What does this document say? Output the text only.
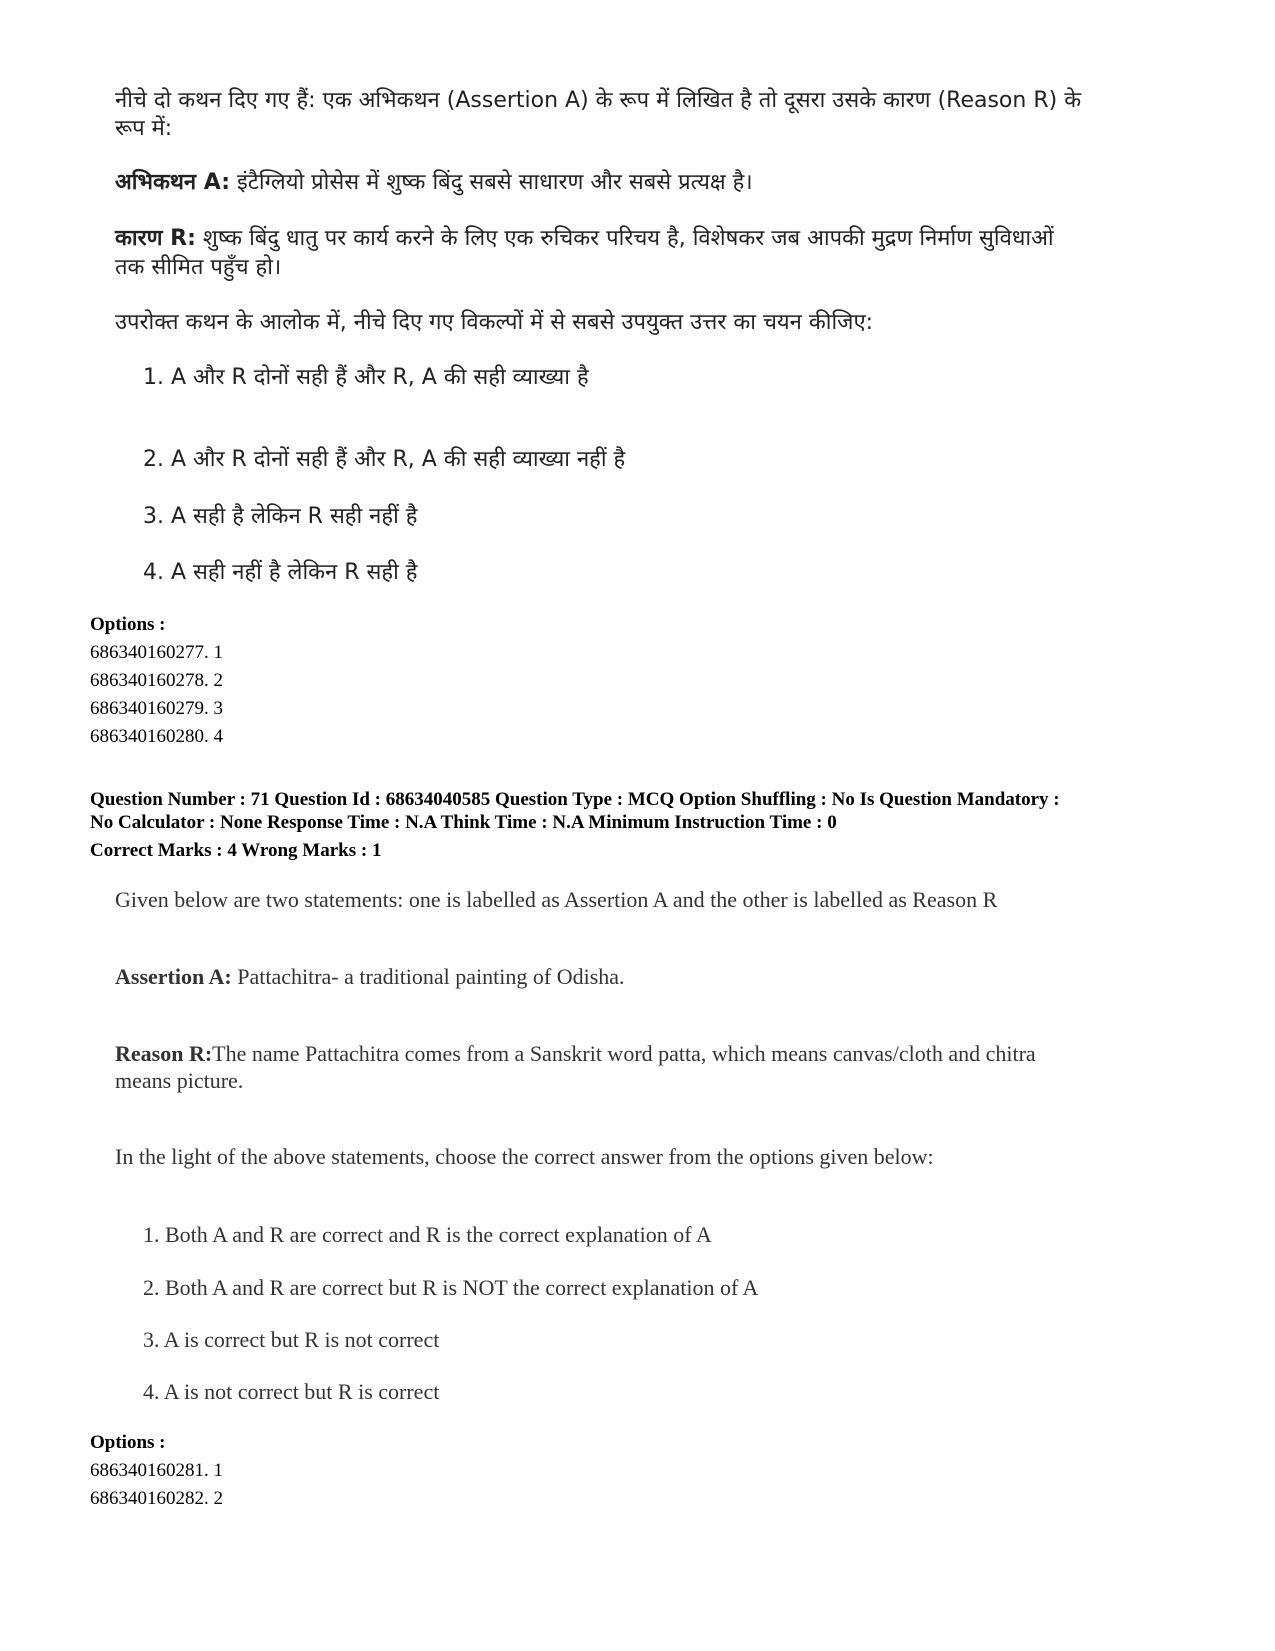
नीचे दो कथन दिए गए हैं: एक अभिकथन (Assertion A) के रूप में लिखित है तो दूसरा उसके कारण (Reason R) के
रूप में:
अभिकथन A: इंटैग्लियो प्रोसेस में शुष्क बिंदु सबसे साधारण और सबसे प्रत्यक्ष है।
कारण R: शुष्क बिंदु धातु पर कार्य करने के लिए एक रुचिकर परिचय है, विशेषकर जब आपकी मुद्रण निर्माण सुविधाओं
तक सीमित पहुँच हो।
उपरोक्त कथन के आलोक में, नीचे दिए गए विकल्पों में से सबसे उपयुक्त उत्तर का चयन कीजिए:
1. A और R दोनों सही हैं और R, A की सही व्याख्या है
2. A और R दोनों सही हैं और R, A की सही व्याख्या नहीं है
3. A सही है लेकिन R सही नहीं है
4. A सही नहीं है लेकिन R सही है
Options :
686340160277. 1
686340160278. 2
686340160279. 3
686340160280. 4
Question Number : 71 Question Id : 68634040585 Question Type : MCQ Option Shuffling : No Is Question Mandatory :
No Calculator : None Response Time : N.A Think Time : N.A Minimum Instruction Time : 0
Correct Marks : 4 Wrong Marks : 1
Given below are two statements: one is labelled as Assertion A and the other is labelled as Reason R
Assertion A: Pattachitra- a traditional painting of Odisha.
Reason R:The name Pattachitra comes from a Sanskrit word patta, which means canvas/cloth and chitra
means picture.
In the light of the above statements, choose the correct answer from the options given below:
1. Both A and R are correct and R is the correct explanation of A
2. Both A and R are correct but R is NOT the correct explanation of A
3. A is correct but R is not correct
4. A is not correct but R is correct
Options :
686340160281. 1
686340160282. 2
